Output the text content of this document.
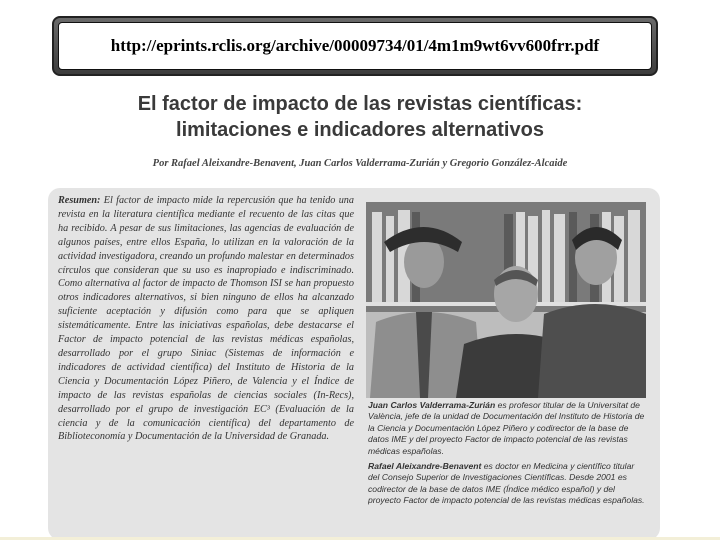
http://eprints.rclis.org/archive/00009734/01/4m1m9wt6vv600frr.pdf
El factor de impacto de las revistas científicas:
limitaciones e indicadores alternativos
Por Rafael Aleixandre-Benavent, Juan Carlos Valderrama-Zurián y Gregorio González-Alcaide
Resumen: El factor de impacto mide la repercusión que ha tenido una revista en la literatura científica mediante el recuento de las citas que ha recibido. A pesar de sus limitaciones, las agencias de evaluación de algunos países, entre ellos España, lo utilizan en la valoración de la actividad investigadora, creando un profundo malestar en determinados círculos que consideran que su uso es inapropiado e indiscriminado. Como alternativa al factor de impacto de Thomson ISI se han propuesto otros indicadores alternativos, si bien ninguno de ellos ha alcanzado suficiente aceptación y difusión como para que se apliquen sistemáticamente. Entre las iniciativas españolas, debe destacarse el Factor de impacto potencial de las revistas médicas españolas, desarrollado por el grupo Siniac (Sistemas de información e indicadores de actividad científica) del Instituto de Historia de la Ciencia y Documentación López Piñero, de Valencia y el Índice de impacto de las revistas españolas de ciencias sociales (In-Recs), desarrollado por el grupo de investigación EC³ (Evaluación de la ciencia y de la comunicación científica) del departamento de Biblioteconomía y Documentación de la Universidad de Granada.

Juan Carlos Valderrama-Zurián es profesor titular de la Universitat de València, jefe de la unidad de Documentación del Instituto de Historia de la Ciencia y Documentación López Piñero y codirector de la base de datos IME y del proyecto Factor de impacto potencial de las revistas médicas españolas.

Rafael Aleixandre-Benavent es doctor en Medicina y científico titular del Consejo Superior de Investigaciones Científicas. Desde 2001 es codirector de la base de datos IME (Índice médico español) y del proyecto Factor de impacto potencial de las revistas médicas españolas.
